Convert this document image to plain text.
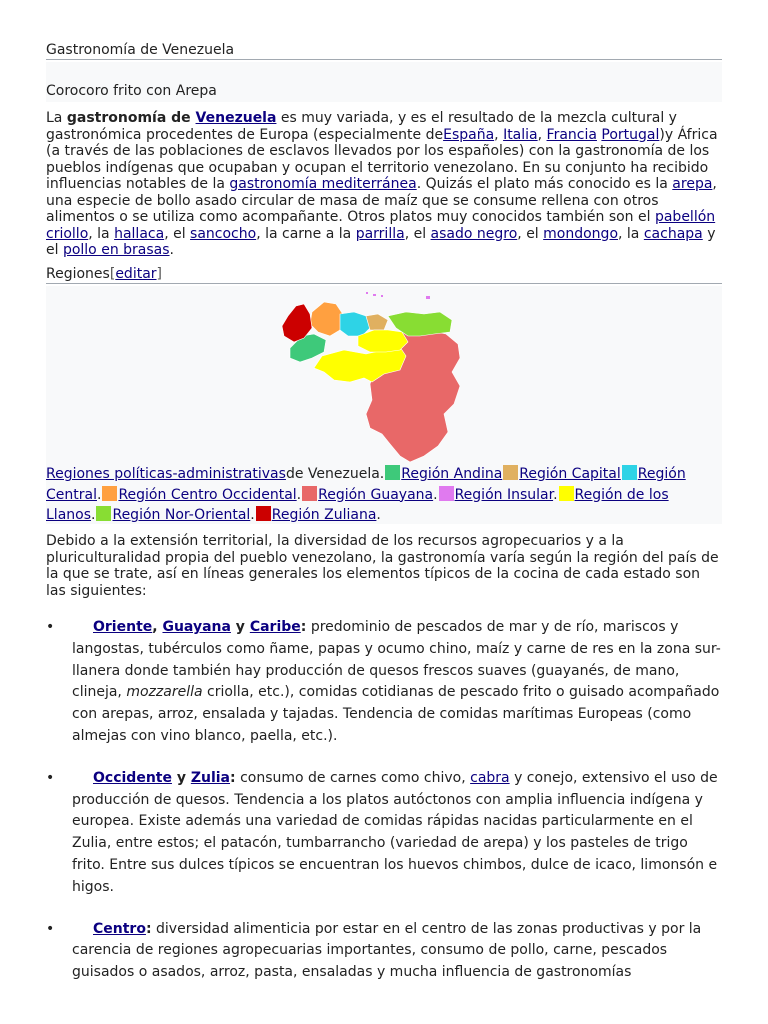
Gastronomía de Venezuela
Corocoro frito con Arepa
La gastronomía de Venezuela es muy variada, y es el resultado de la mezcla cultural y gastronómica procedentes de Europa (especialmente deEspaña, Italia, Francia Portugal)y África (a través de las poblaciones de esclavos llevados por los españoles) con la gastronomía de los pueblos indígenas que ocupaban y ocupan el territorio venezolano. En su conjunto ha recibido influencias notables de la gastronomía mediterránea. Quizás el plato más conocido es la arepa, una especie de bollo asado circular de masa de maíz que se consume rellena con otros alimentos o se utiliza como acompañante. Otros platos muy conocidos también son el pabellón criollo, la hallaca, el sancocho, la carne a la parrilla, el asado negro, el mondongo, la cachapa y el pollo en brasas.
Regiones[editar]
Regiones políticas-administrativasde Venezuela. Región Andina Región Capital Región Central. Región Centro Occidental. Región Guayana. Región Insular. Región de los Llanos. Región Nor-Oriental. Región Zuliana.
Debido a la extensión territorial, la diversidad de los recursos agropecuarios y a la pluriculturalidad propia del pueblo venezolano, la gastronomía varía según la región del país de la que se trate, así en líneas generales los elementos típicos de la cocina de cada estado son las siguientes:
•	Oriente, Guayana y Caribe: predominio de pescados de mar y de río, mariscos y langostas, tubérculos como ñame, papas y ocumo chino, maíz y carne de res en la zona sur-llanera donde también hay producción de quesos frescos suaves (guayanés, de mano, clineja, mozzarella criolla, etc.), comidas cotidianas de pescado frito o guisado acompañado con arepas, arroz, ensalada y tajadas. Tendencia de comidas marítimas Europeas (como almejas con vino blanco, paella, etc.).
•	Occidente y Zulia: consumo de carnes como chivo, cabra y conejo, extensivo el uso de producción de quesos. Tendencia a los platos autóctonos con amplia influencia indígena y europea. Existe además una variedad de comidas rápidas nacidas particularmente en el Zulia, entre estos; el patacón, tumbarrancho (variedad de arepa) y los pasteles de trigo frito. Entre sus dulces típicos se encuentran los huevos chimbos, dulce de icaco, limonsón e higos.
•	Centro: diversidad alimenticia por estar en el centro de las zonas productivas y por la carencia de regiones agropecuarias importantes, consumo de pollo, carne, pescados guisados o asados, arroz, pasta, ensaladas y mucha influencia de gastronomías
